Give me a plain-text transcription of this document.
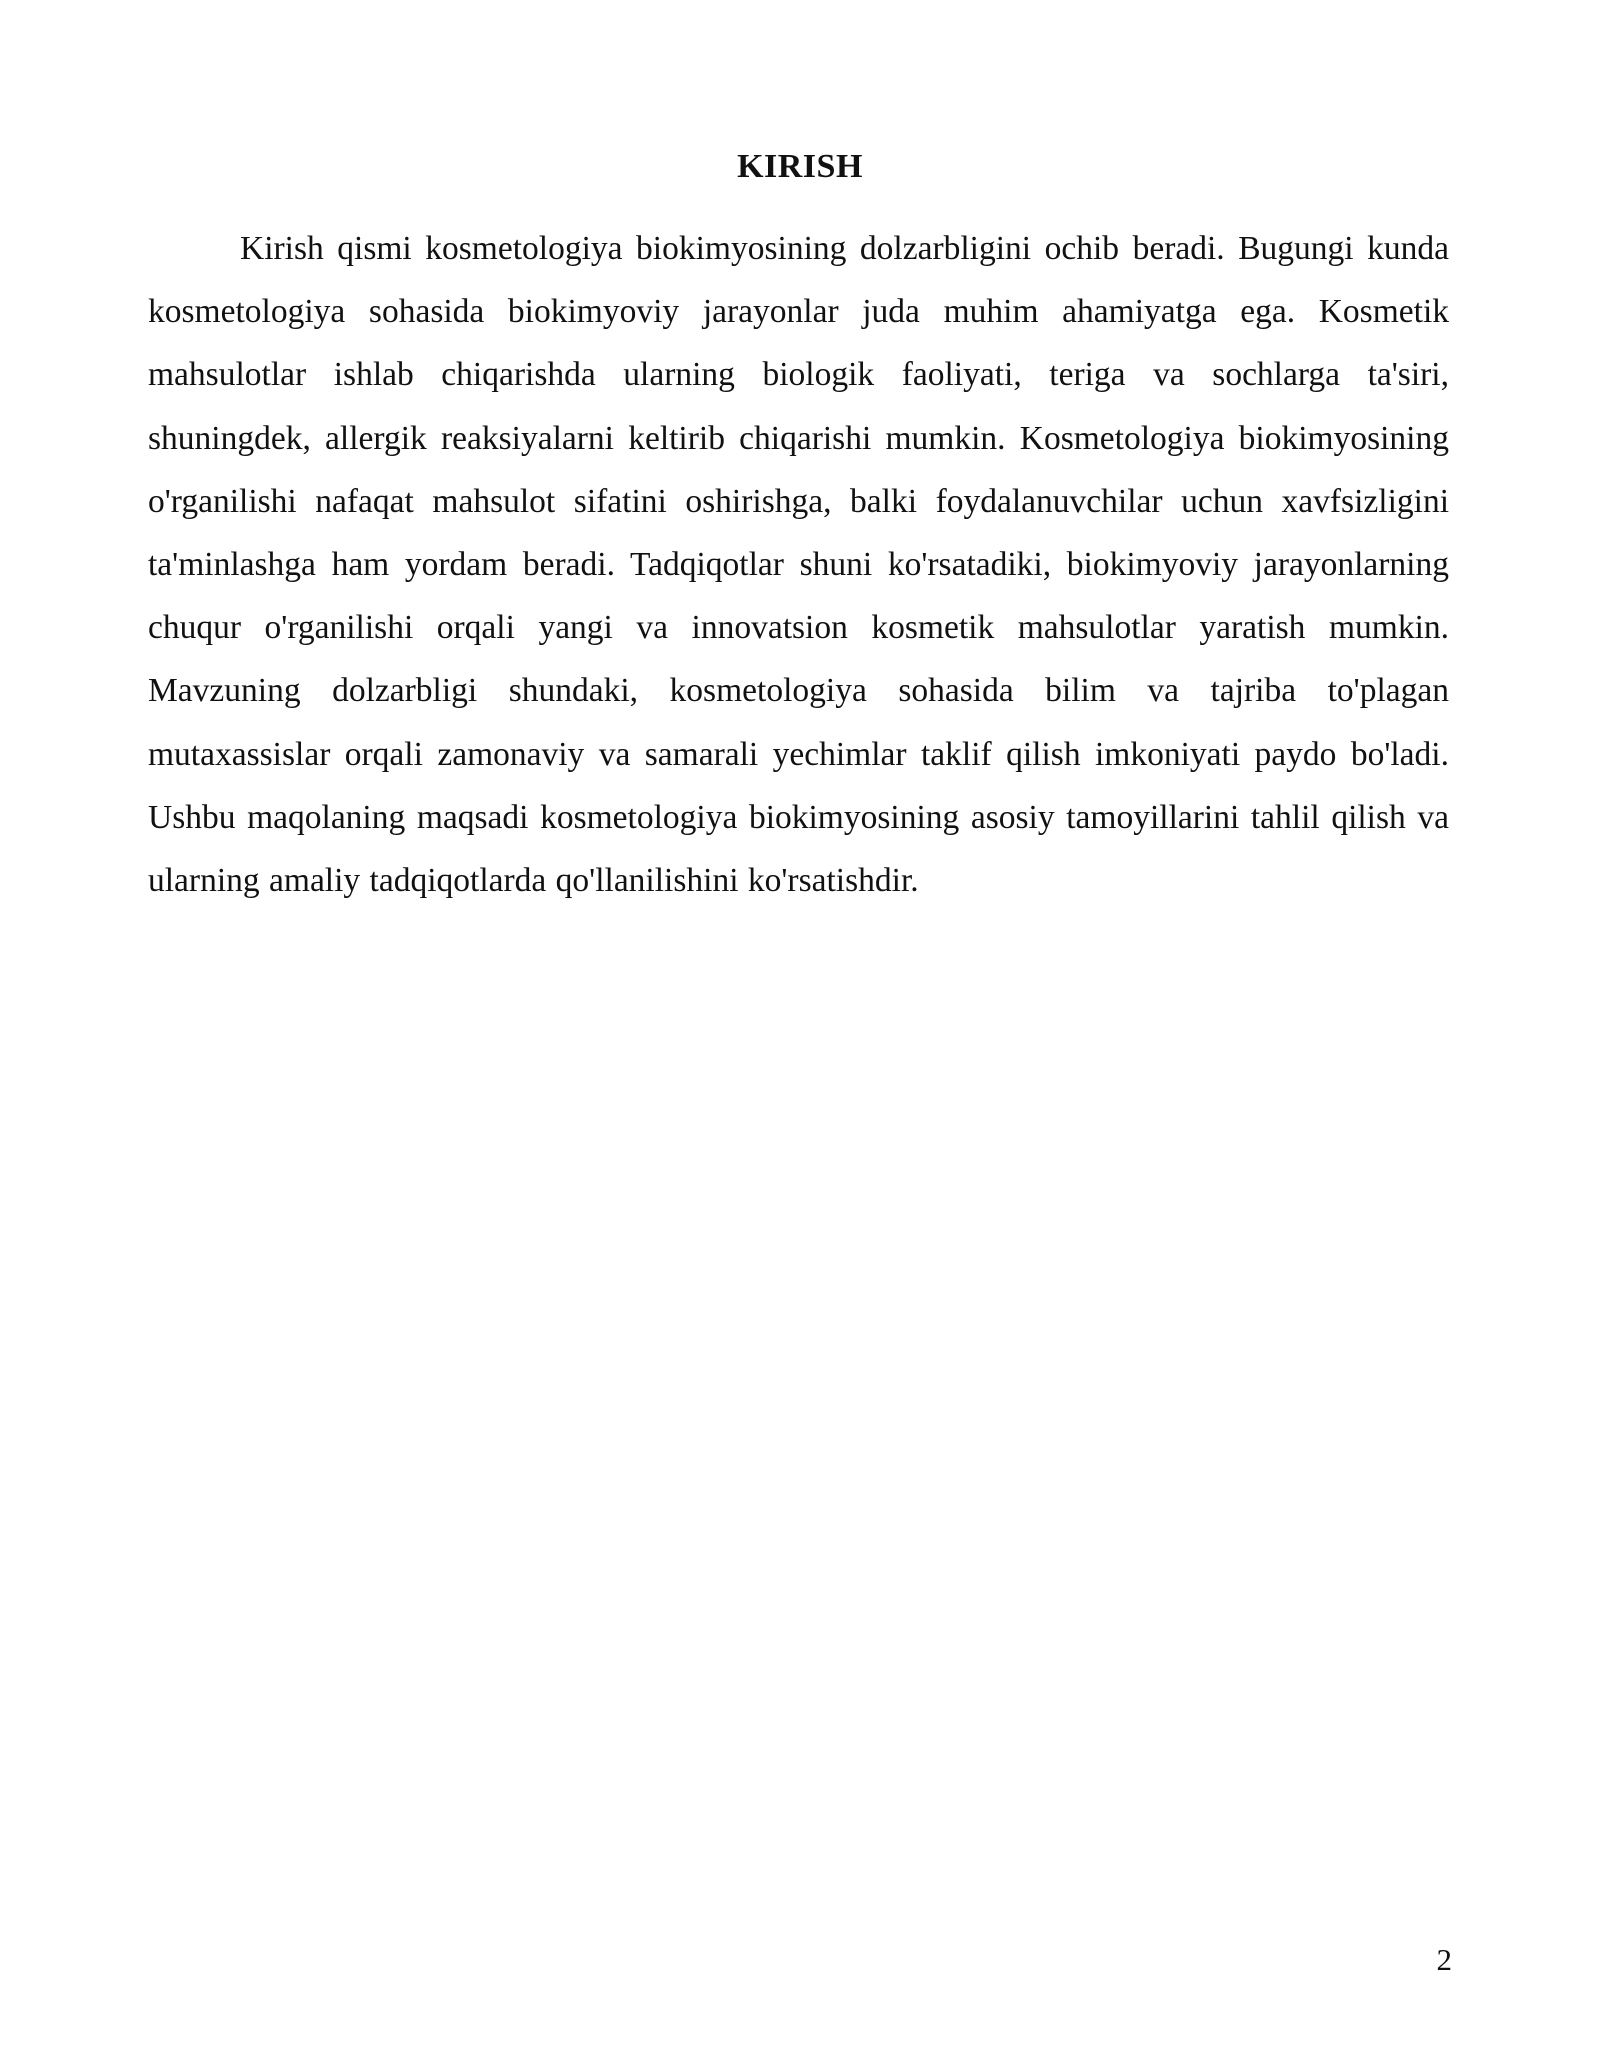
KIRISH

Kirish qismi kosmetologiya biokimyosining dolzarbligini ochib beradi. Bugungi kunda kosmetologiya sohasida biokimyoviy jarayonlar juda muhim ahamiyatga ega. Kosmetik mahsulotlar ishlab chiqarishda ularning biologik faoliyati, teriga va sochlarga ta'siri, shuningdek, allergik reaksiyalarni keltirib chiqarishi mumkin. Kosmetologiya biokimyosining o'rganilishi nafaqat mahsulot sifatini oshirishga, balki foydalanuvchilar uchun xavfsizligini ta'minlashga ham yordam beradi. Tadqiqotlar shuni ko'rsatadiki, biokimyoviy jarayonlarning chuqur o'rganilishi orqali yangi va innovatsion kosmetik mahsulotlar yaratish mumkin. Mavzuning dolzarbligi shundaki, kosmetologiya sohasida bilim va tajriba to'plagan mutaxassislar orqali zamonaviy va samarali yechimlar taklif qilish imkoniyati paydo bo'ladi. Ushbu maqolaning maqsadi kosmetologiya biokimyosining asosiy tamoyillarini tahlil qilish va ularning amaliy tadqiqotlarda qo'llanilishini ko'rsatishdir.

2
